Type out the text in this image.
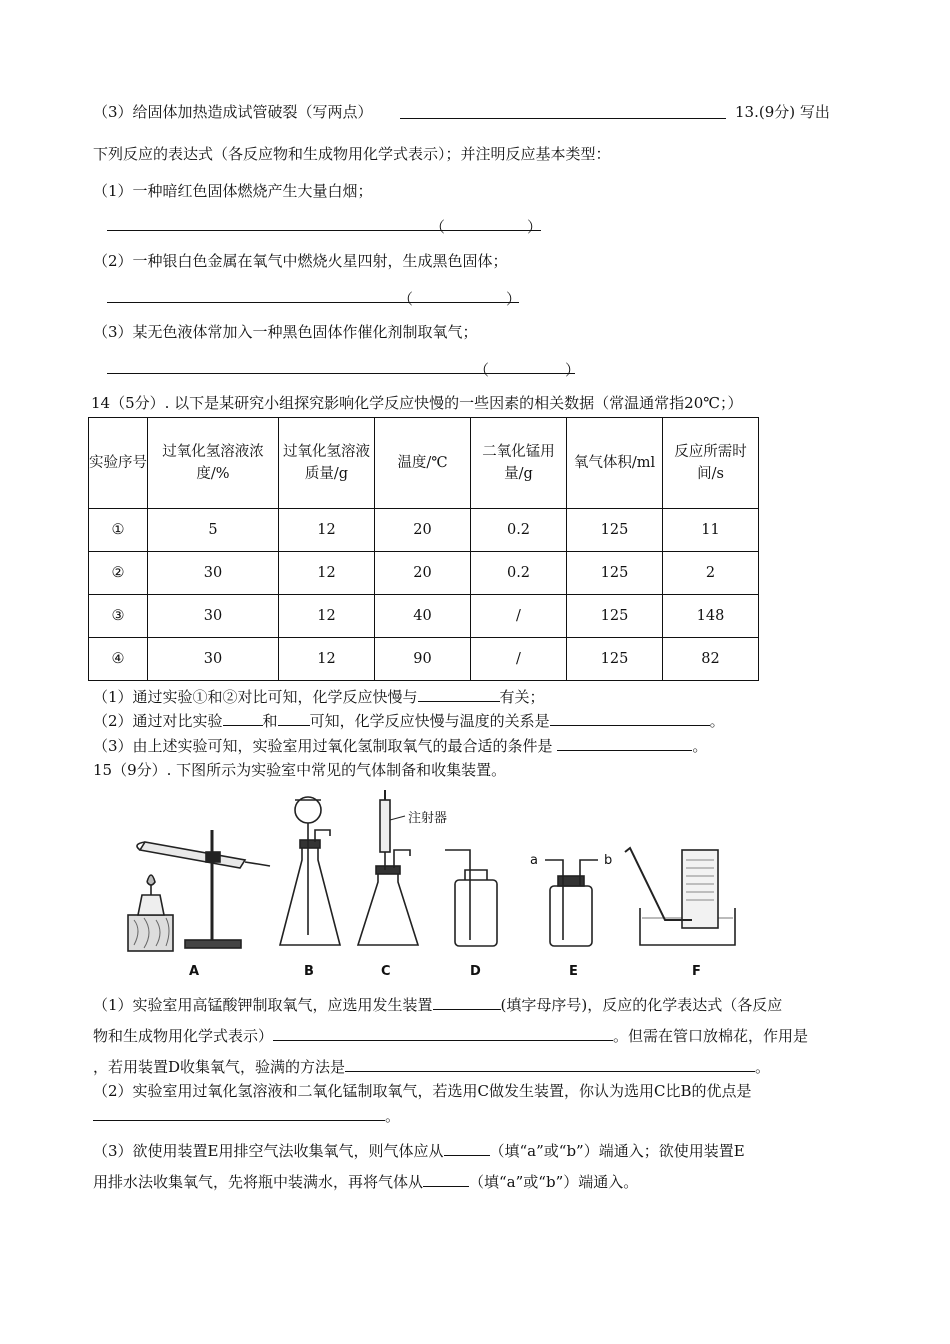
（3）给固体加热造成试管破裂（写两点）	13.(9分) 写出
下列反应的表达式（各反应物和生成物用化学式表示）；并注明反应基本类型：
（1）一种暗红色固体燃烧产生大量白烟；
（	）
（2）一种银白色金属在氧气中燃烧火星四射，生成黑色固体；
（	）
（3）某无色液体常加入一种黑色固体作催化剂制取氧气；
（	）
14（5分）. 以下是某研究小组探究影响化学反应快慢的一些因素的相关数据（常温通常指20℃；）
实验序号	过氧化氢溶液浓度/%	过氧化氢溶液质量/g	温度/℃	二氧化锰用量/g	氧气体积/ml	反应所需时间/s
①	5	12	20	0.2	125	11
②	30	12	20	0.2	125	2
③	30	12	40	/	125	148
④	30	12	90	/	125	82
（1）通过实验①和②对比可知，化学反应快慢与	有关；
（2）通过对比实验	和 可知，化学反应快慢与温度的关系是	。
（3）由上述实验可知，实验室用过氧化氢制取氧气的最合适的条件是	。
15（9分）. 下图所示为实验室中常见的气体制备和收集装置。
注射器
a	b
A	B	C	D	E	F
（1）实验室用高锰酸钾制取氧气，应选用发生装置	(填字母序号)，反应的化学表达式（各反应
物和生成物用化学式表示）	。但需在管口放棉花，作用是
，若用装置D收集氧气，验满的方法是	。
（2）实验室用过氧化氢溶液和二氧化锰制取氧气，若选用C做发生装置，你认为选用C比B的优点是
。
（3）欲使用装置E用排空气法收集氧气，则气体应从	（填“a”或“b”）端通入；欲使用装置E
用排水法收集氧气，先将瓶中装满水，再将气体从	（填“a”或“b”）端通入。
